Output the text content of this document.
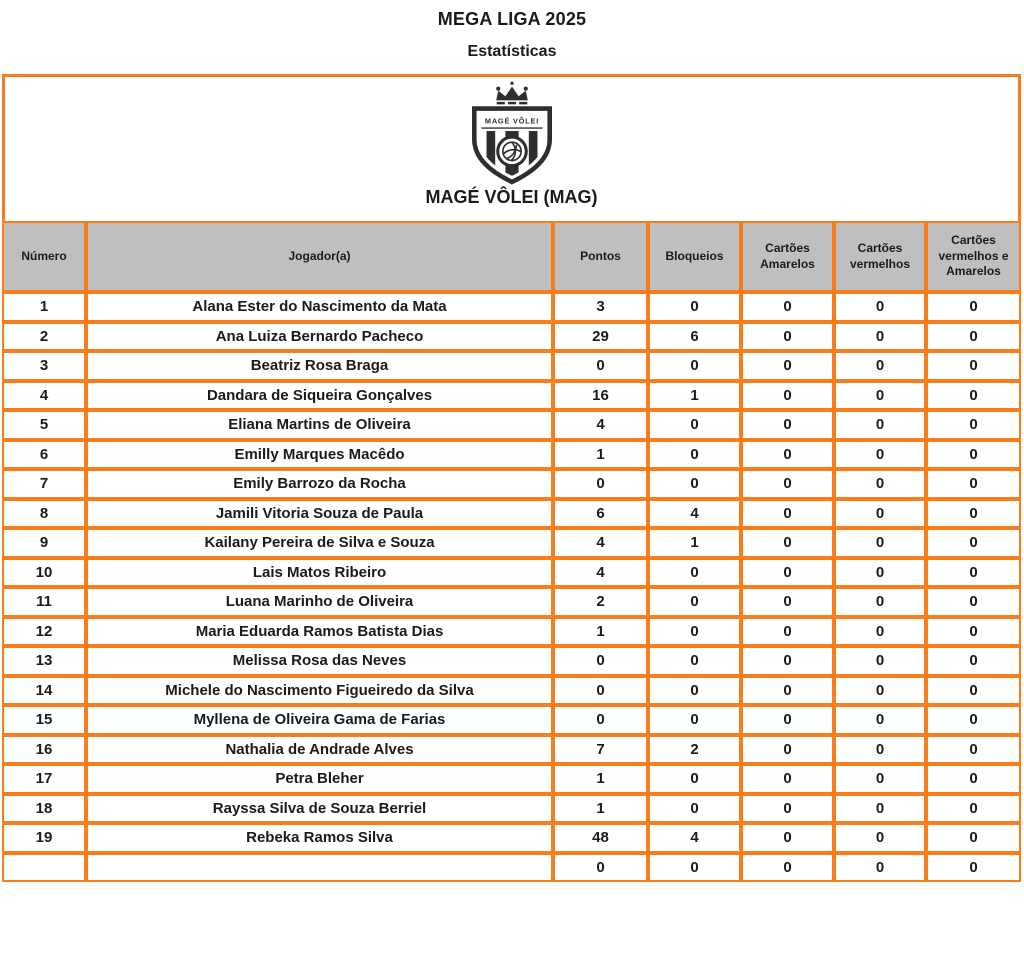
MEGA LIGA 2025
Estatísticas
MAGÉ VÔLEI
MAGÉ VÔLEI (MAG)
Número	Jogador(a)	Pontos	Bloqueios	Cartões Amarelos	Cartões vermelhos	Cartões vermelhos e Amarelos
1	Alana Ester do Nascimento da Mata	3	0	0	0	0
2	Ana Luiza Bernardo Pacheco	29	6	0	0	0
3	Beatriz Rosa Braga	0	0	0	0	0
4	Dandara de Siqueira Gonçalves	16	1	0	0	0
5	Eliana Martins de Oliveira	4	0	0	0	0
6	Emilly Marques Macêdo	1	0	0	0	0
7	Emily Barrozo da Rocha	0	0	0	0	0
8	Jamili Vitoria Souza de Paula	6	4	0	0	0
9	Kailany Pereira de Silva e Souza	4	1	0	0	0
10	Lais Matos Ribeiro	4	0	0	0	0
11	Luana Marinho de Oliveira	2	0	0	0	0
12	Maria Eduarda Ramos Batista Dias	1	0	0	0	0
13	Melissa Rosa das Neves	0	0	0	0	0
14	Michele do Nascimento Figueiredo da Silva	0	0	0	0	0
15	Myllena de Oliveira Gama de Farias	0	0	0	0	0
16	Nathalia de Andrade Alves	7	2	0	0	0
17	Petra Bleher	1	0	0	0	0
18	Rayssa Silva de Souza Berriel	1	0	0	0	0
19	Rebeka Ramos Silva	48	4	0	0	0
		0	0	0	0	0
